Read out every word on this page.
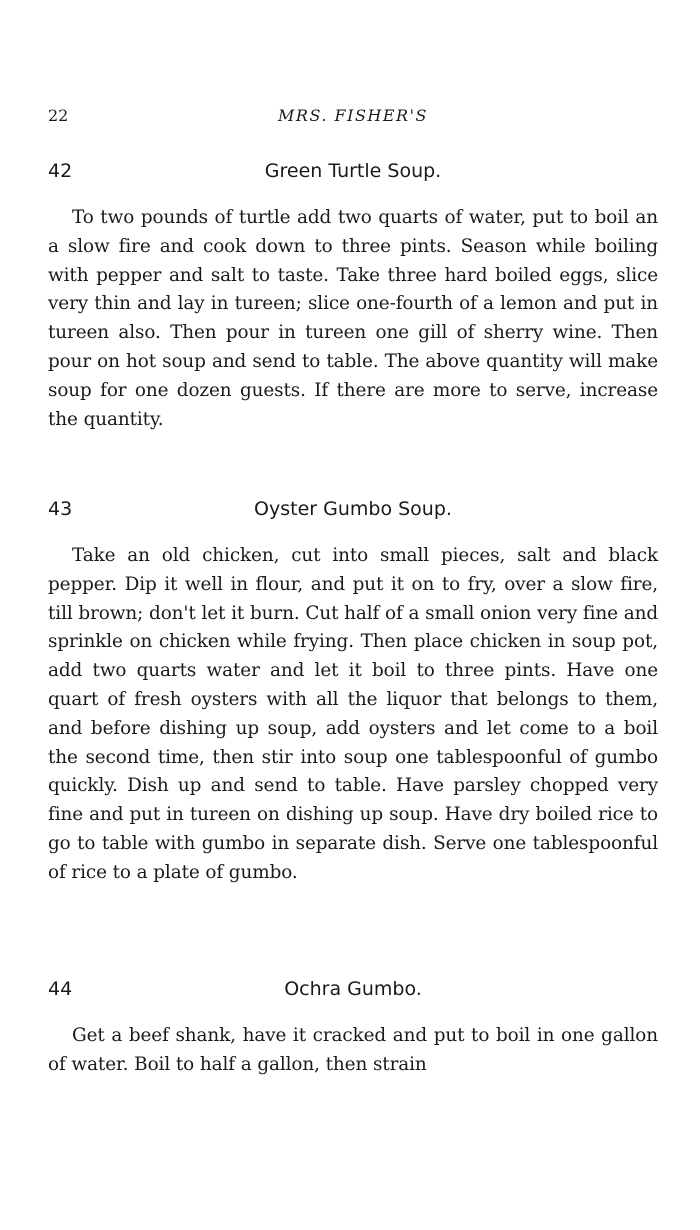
22	MRS. FISHER'S
42	Green Turtle Soup.

To two pounds of turtle add two quarts of water, put to boil an a slow fire and cook down to three pints. Season while boiling with pepper and salt to taste. Take three hard boiled eggs, slice very thin and lay in tureen; slice one-fourth of a lemon and put in tureen also. Then pour in tureen one gill of sherry wine. Then pour on hot soup and send to table. The above quantity will make soup for one dozen guests. If there are more to serve, increase the quantity.

43	Oyster Gumbo Soup.

Take an old chicken, cut into small pieces, salt and black pepper. Dip it well in flour, and put it on to fry, over a slow fire, till brown; don't let it burn. Cut half of a small onion very fine and sprinkle on chicken while frying. Then place chicken in soup pot, add two quarts water and let it boil to three pints. Have one quart of fresh oysters with all the liquor that belongs to them, and before dishing up soup, add oysters and let come to a boil the second time, then stir into soup one tablespoonful of gumbo quickly. Dish up and send to table. Have parsley chopped very fine and put in tureen on dishing up soup. Have dry boiled rice to go to table with gumbo in separate dish. Serve one tablespoonful of rice to a plate of gumbo.

44	Ochra Gumbo.

Get a beef shank, have it cracked and put to boil in one gallon of water. Boil to half a gallon, then strain
